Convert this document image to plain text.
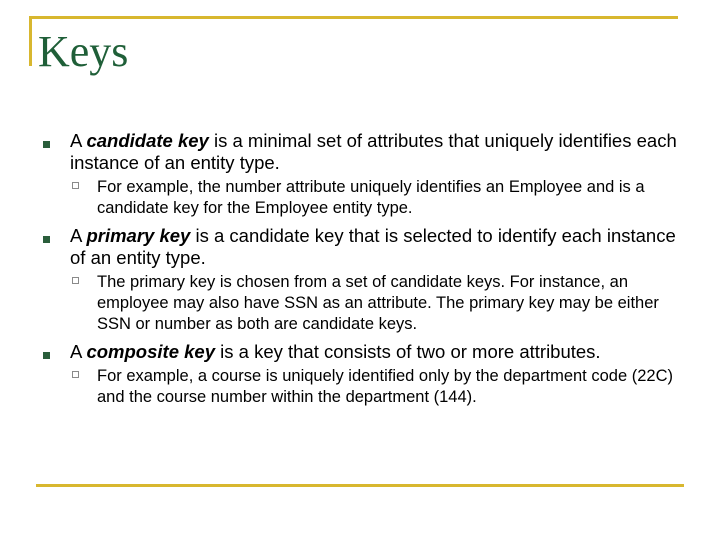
Keys

A candidate key is a minimal set of attributes that uniquely identifies each instance of an entity type.

For example, the number attribute uniquely identifies an Employee and is a candidate key for the Employee entity type.

A primary key is a candidate key that is selected to identify each instance of an entity type.

The primary key is chosen from a set of candidate keys. For instance, an employee may also have SSN as an attribute. The primary key may be either SSN or number as both are candidate keys.

A composite key is a key that consists of two or more attributes.

For example, a course is uniquely identified only by the department code (22C) and the course number within the department (144).
